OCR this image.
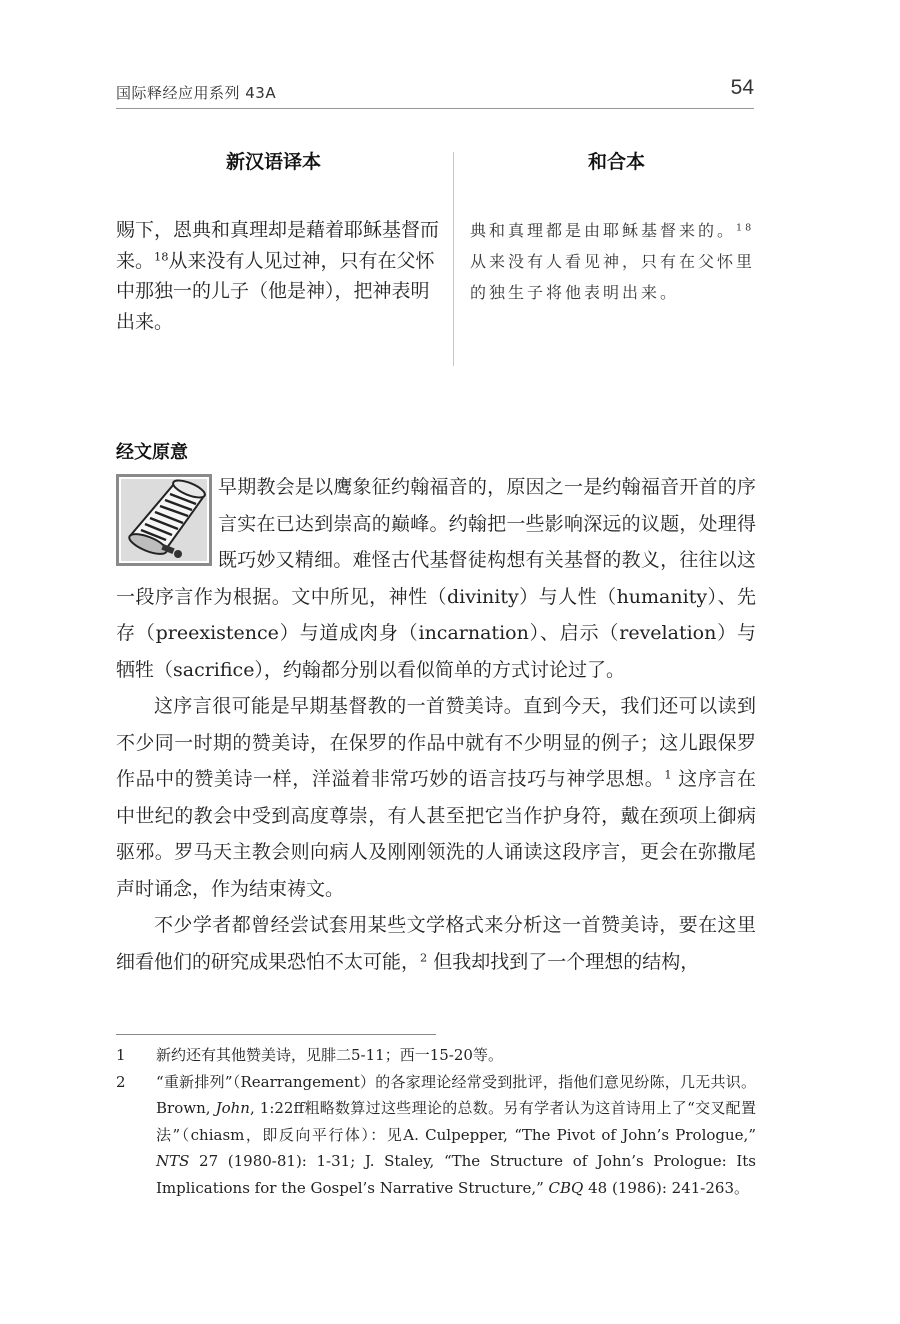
国际释经应用系列 43A	54
新汉语译本	和合本
赐下，恩典和真理却是藉着耶稣基督而来。$^{18}$从来没有人见过神，只有在父怀中那独一的儿子（他是神），把神表明出来。
典和真理都是由耶稣基督来的。$^{18}$从来没有人看见神，只有在父怀里的独生子将他表明出来。
经文原意

早期教会是以鹰象征约翰福音的，原因之一是约翰福音开首的序言实在已达到崇高的巅峰。约翰把一些影响深远的议题，处理得既巧妙又精细。难怪古代基督徒构想有关基督的教义，往往以这一段序言作为根据。文中所见，神性（divinity）与人性（humanity）、先存（preexistence）与道成肉身（incarnation）、启示（revelation）与牺牲（sacrifice），约翰都分别以看似简单的方式讨论过了。

这序言很可能是早期基督教的一首赞美诗。直到今天，我们还可以读到不少同一时期的赞美诗，在保罗的作品中就有不少明显的例子；这儿跟保罗作品中的赞美诗一样，洋溢着非常巧妙的语言技巧与神学思想。$^1$ 这序言在中世纪的教会中受到高度尊崇，有人甚至把它当作护身符，戴在颈项上御病驱邪。罗马天主教会则向病人及刚刚领洗的人诵读这段序言，更会在弥撒尾声时诵念，作为结束祷文。

不少学者都曾经尝试套用某些文学格式来分析这一首赞美诗，要在这里细看他们的研究成果恐怕不太可能，$^2$ 但我却找到了一个理想的结构，

1 新约还有其他赞美诗，见腓二5-11；西一15-20等。
2 “重新排列”（Rearrangement）的各家理论经常受到批评，指他们意见纷陈，几无共识。Brown, John, 1:22ff粗略数算过这些理论的总数。另有学者认为这首诗用上了“交叉配置法”（chiasm，即反向平行体）：见A. Culpepper, “The Pivot of John’s Prologue,” NTS 27 (1980-81): 1-31; J. Staley, “The Structure of John’s Prologue: Its Implications for the Gospel’s Narrative Structure,” CBQ 48 (1986): 241-263。
